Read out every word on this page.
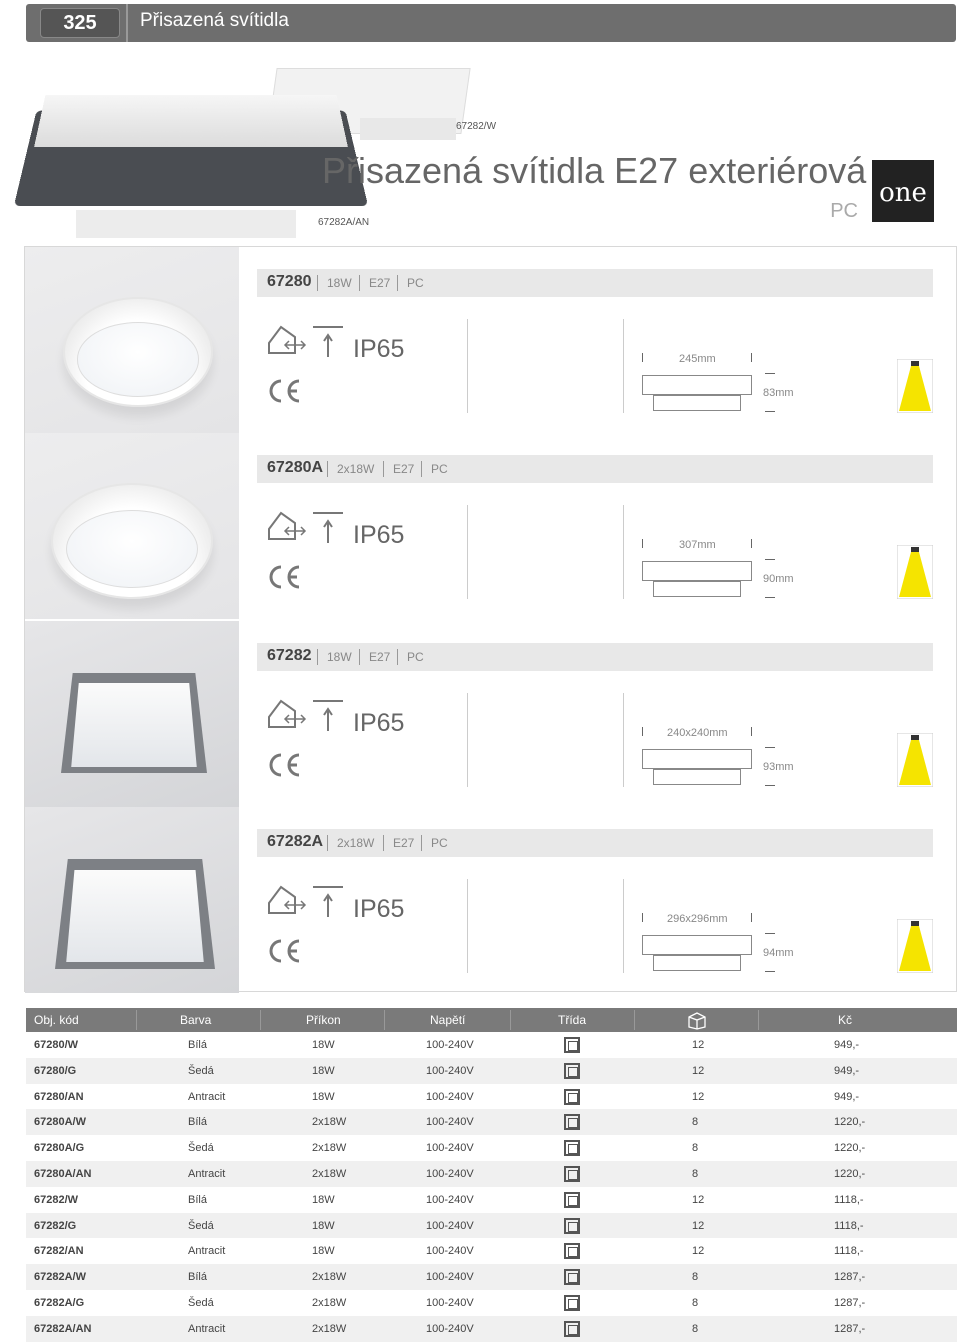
325	Přisazená svítidla
67282/W
67282A/AN
Přisazená svítidla E27 exteriérová
PC
one
67280 18W E27 PC
IP65	245mm
83mm
67280A 2x18W E27 PC
IP65	307mm
90mm
67282 18W E27 PC
IP65	240x240mm
93mm
67282A 2x18W E27 PC
IP65	296x296mm
94mm
Obj. kód	Barva	Příkon	Napětí	Třída	Kč
67280/W	Bílá	18W	100-240V	12	949,-
67280/G	Šedá	18W	100-240V	12	949,-
67280/AN	Antracit	18W	100-240V	12	949,-
67280A/W	Bílá	2x18W	100-240V	8	1220,-
67280A/G	Šedá	2x18W	100-240V	8	1220,-
67280A/AN	Antracit	2x18W	100-240V	8	1220,-
67282/W	Bílá	18W	100-240V	12	1118,-
67282/G	Šedá	18W	100-240V	12	1118,-
67282/AN	Antracit	18W	100-240V	12	1118,-
67282A/W	Bílá	2x18W	100-240V	8	1287,-
67282A/G	Šedá	2x18W	100-240V	8	1287,-
67282A/AN	Antracit	2x18W	100-240V	8	1287,-
